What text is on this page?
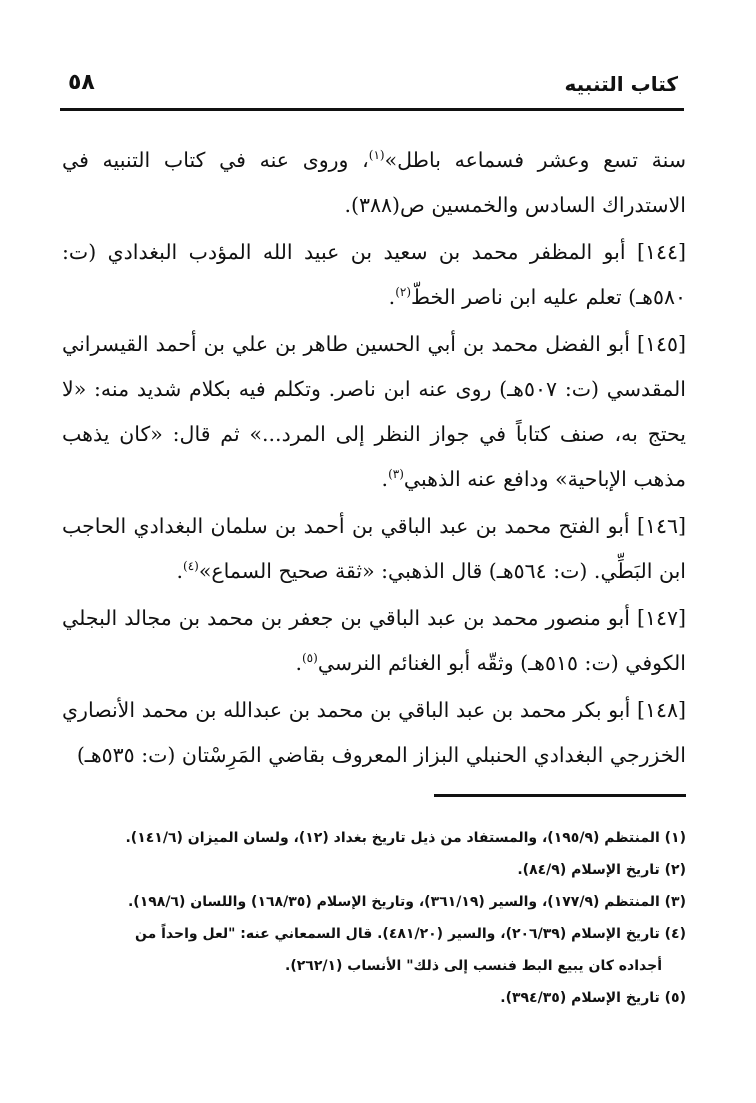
٥٨	كتاب التنبيه

سنة تسع وعشر فسماعه باطل»$^{(١)}$، وروى عنه في كتاب التنبيه في الاستدراك السادس والخمسين ص(٣٨٨).

[١٤٤] أبو المظفر محمد بن سعيد بن عبيد الله المؤدب البغدادي (ت: ٥٨٠هـ) تعلم عليه ابن ناصر الخطّ$^{(٢)}$.

[١٤٥] أبو الفضل محمد بن أبي الحسين طاهر بن علي بن أحمد القيسراني المقدسي (ت: ٥٠٧هـ) روى عنه ابن ناصر. وتكلم فيه بكلام شديد منه: «لا يحتج به، صنف كتاباً في جواز النظر إلى المرد...» ثم قال: «كان يذهب مذهب الإباحية» ودافع عنه الذهبي$^{(٣)}$.

[١٤٦] أبو الفتح محمد بن عبد الباقي بن أحمد بن سلمان البغدادي الحاجب ابن البَطِّي. (ت: ٥٦٤هـ) قال الذهبي: «ثقة صحيح السماع»$^{(٤)}$.

[١٤٧] أبو منصور محمد بن عبد الباقي بن جعفر بن محمد بن مجالد البجلي الكوفي (ت: ٥١٥هـ) وثقّه أبو الغنائم النرسي$^{(٥)}$.

[١٤٨] أبو بكر محمد بن عبد الباقي بن محمد بن عبدالله بن محمد الأنصاري الخزرجي البغدادي الحنبلي البزاز المعروف بقاضي المَرِسْتان (ت: ٥٣٥هـ)

(١) المنتظم (١٩٥/٩)، والمستفاد من ذيل تاريخ بغداد (١٢)، ولسان الميزان (١٤١/٦).

(٢) تاريخ الإسلام (٨٤/٩).

(٣) المنتظم (١٧٧/٩)، والسير (٣٦١/١٩)، وتاريخ الإسلام (١٦٨/٣٥) واللسان (١٩٨/٦).

(٤) تاريخ الإسلام (٢٠٦/٣٩)، والسير (٤٨١/٢٠). قال السمعاني عنه: "لعل واحداً من

أجداده كان يبيع البط فنسب إلى ذلك" الأنساب (٢٦٢/١).

(٥) تاريخ الإسلام (٣٩٤/٣٥).
